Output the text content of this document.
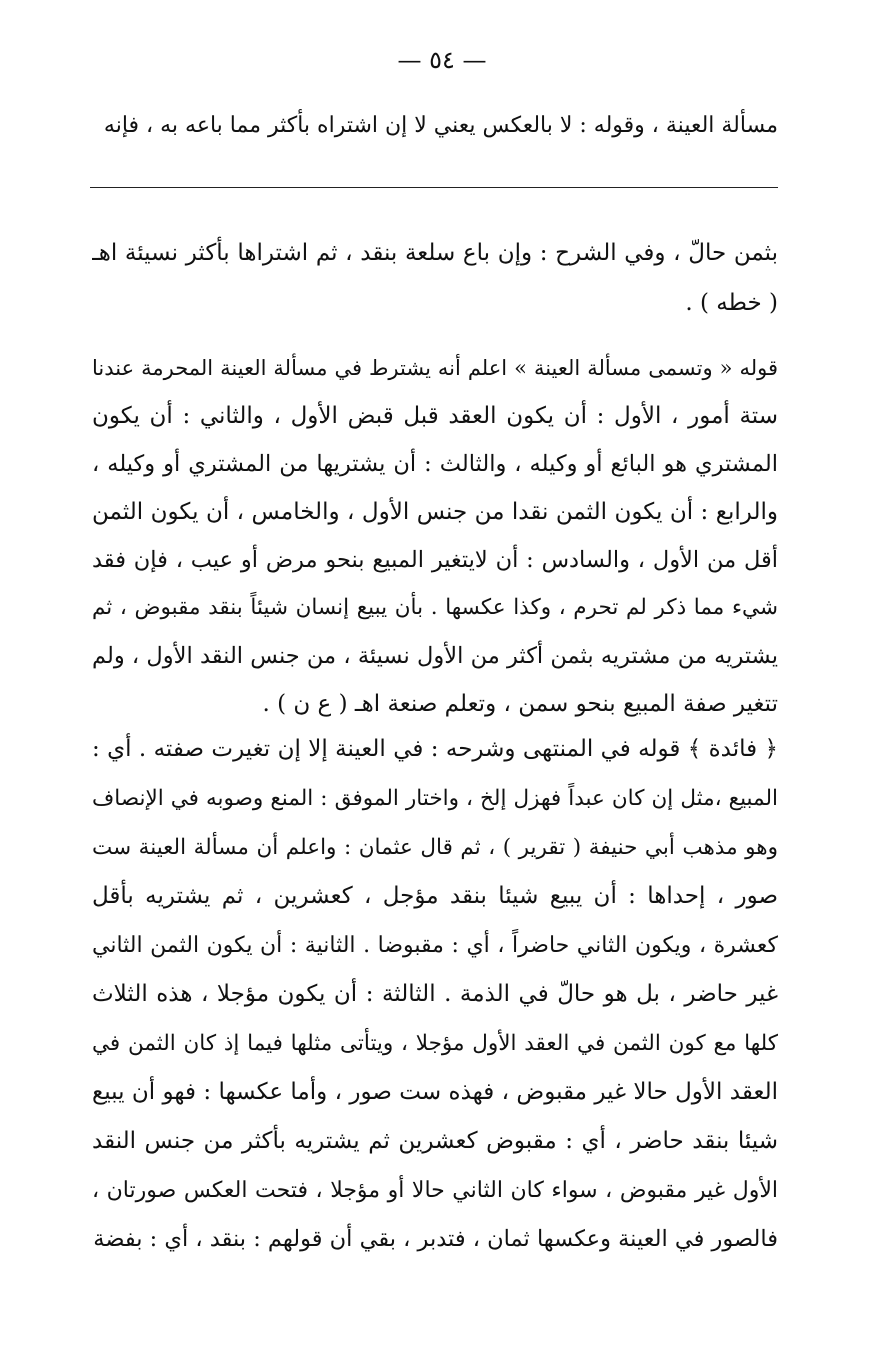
— ٥٤ —
مسألة العينة ، وقوله : لا بالعكس يعني لا إن اشتراه بأكثر مما باعه به ، فإنه
بثمن حالّ ، وفي الشرح : وإن باع سلعة بنقد ، ثم اشتراها بأكثر نسيئة اهـ
( خطه ) .
قوله « وتسمى مسألة العينة » اعلم أنه يشترط في مسألة العينة المحرمة عندنا
ستة أمور ، الأول : أن يكون العقد قبل قبض الأول ، والثاني : أن يكون
المشتري هو البائع أو وكيله ، والثالث : أن يشتريها من المشتري أو وكيله ،
والرابع : أن يكون الثمن نقدا من جنس الأول ، والخامس ، أن يكون الثمن
أقل من الأول ، والسادس : أن لايتغير المبيع بنحو مرض أو عيب ، فإن فقد
شيء مما ذكر لم تحرم ، وكذا عكسها . بأن يبيع إنسان شيئاً بنقد مقبوض ، ثم
يشتريه من مشتريه بثمن أكثر من الأول نسيئة ، من جنس النقد الأول ، ولم
تتغير صفة المبيع بنحو سمن ، وتعلم صنعة اهـ ( ع ن ) .
﴿ فائدة ﴾ قوله في المنتهى وشرحه : في العينة إلا إن تغيرت صفته . أي :
المبيع ،مثل إن كان عبداً فهزل إلخ ، واختار الموفق : المنع وصوبه في الإنصاف
وهو مذهب أبي حنيفة ( تقرير ) ، ثم قال عثمان : واعلم أن مسألة العينة ست
صور ، إحداها : أن يبيع شيئا بنقد مؤجل ، كعشرين ، ثم يشتريه بأقل
كعشرة ، ويكون الثاني حاضراً ، أي : مقبوضا . الثانية : أن يكون الثمن الثاني
غير حاضر ، بل هو حالّ في الذمة . الثالثة : أن يكون مؤجلا ، هذه الثلاث
كلها مع كون الثمن في العقد الأول مؤجلا ، ويتأتى مثلها فيما إذ كان الثمن في
العقد الأول حالا غير مقبوض ، فهذه ست صور ، وأما عكسها : فهو أن يبيع
شيئا بنقد حاضر ، أي : مقبوض كعشرين ثم يشتريه بأكثر من جنس النقد
الأول غير مقبوض ، سواء كان الثاني حالا أو مؤجلا ، فتحت العكس صورتان ،
فالصور في العينة وعكسها ثمان ، فتدبر ، بقي أن قولهم : بنقد ، أي : بفضة
